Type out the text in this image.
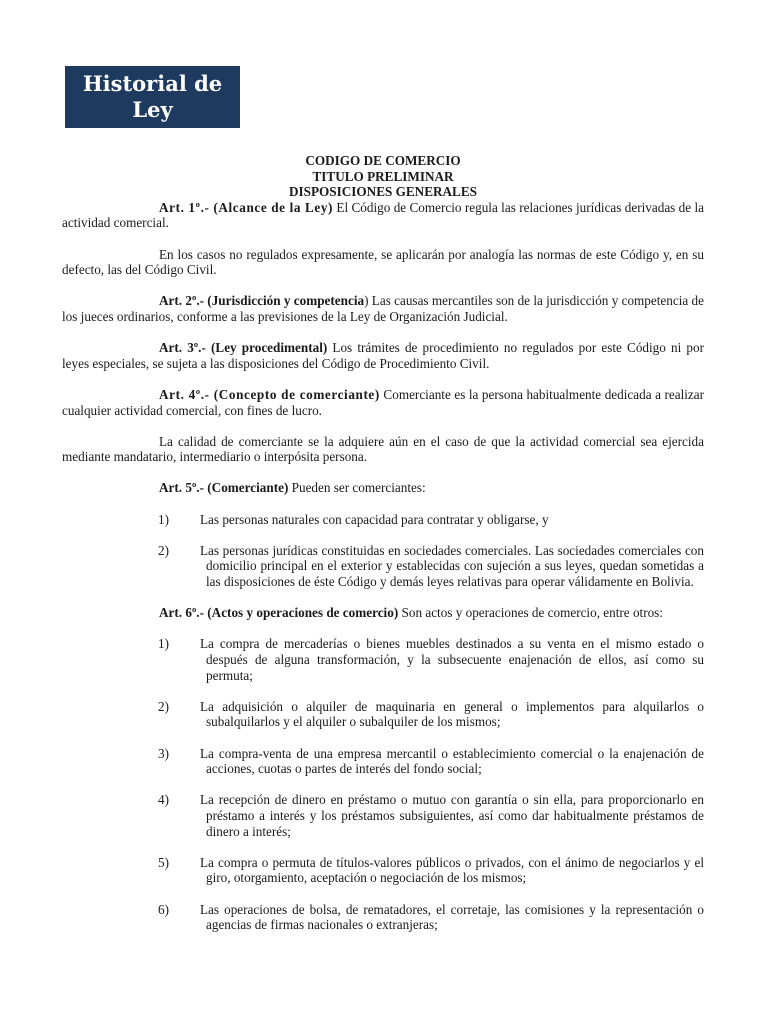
Historial de
Ley
CODIGO DE COMERCIO
TITULO PRELIMINAR
DISPOSICIONES GENERALES

Art. 1º.- (Alcance de la Ley) El Código de Comercio regula las relaciones jurídicas derivadas de la actividad comercial.

En los casos no regulados expresamente, se aplicarán por analogía las normas de este Código y, en su defecto, las del Código Civil.

Art. 2º.- (Jurisdicción y competencia) Las causas mercantiles son de la jurisdicción y competencia de los jueces ordinarios, conforme a las previsiones de la Ley de Organización Judicial.

Art. 3º.- (Ley procedimental) Los trámites de procedimiento no regulados por este Código ni por leyes especiales, se sujeta a las disposiciones del Código de Procedimiento Civil.

Art. 4º.- (Concepto de comerciante) Comerciante es la persona habitualmente dedicada a realizar cualquier actividad comercial, con fines de lucro.

La calidad de comerciante se la adquiere aún en el caso de que la actividad comercial sea ejercida mediante mandatario, intermediario o interpósita persona.

Art. 5º.- (Comerciante) Pueden ser comerciantes:

1) Las personas naturales con capacidad para contratar y obligarse, y

2) Las personas jurídicas constituidas en sociedades comerciales. Las sociedades comerciales con domicilio principal en el exterior y establecidas con sujeción a sus leyes, quedan sometidas a las disposiciones de éste Código y demás leyes relativas para operar válidamente en Bolivia.

Art. 6º.- (Actos y operaciones de comercio) Son actos y operaciones de comercio, entre otros:

1) La compra de mercaderías o bienes muebles destinados a su venta en el mismo estado o después de alguna transformación, y la subsecuente enajenación de ellos, así como su permuta;

2) La adquisición o alquiler de maquinaria en general o implementos para alquilarlos o subalquilarlos y el alquiler o subalquiler de los mismos;

3) La compra-venta de una empresa mercantil o establecimiento comercial o la enajenación de acciones, cuotas o partes de interés del fondo social;

4) La recepción de dinero en préstamo o mutuo con garantía o sin ella, para proporcionarlo en préstamo a interés y los préstamos subsiguientes, así como dar habitualmente préstamos de dinero a interés;

5) La compra o permuta de títulos-valores públicos o privados, con el ánimo de negociarlos y el giro, otorgamiento, aceptación o negociación de los mismos;

6) Las operaciones de bolsa, de rematadores, el corretaje, las comisiones y la representación o agencias de firmas nacionales o extranjeras;
